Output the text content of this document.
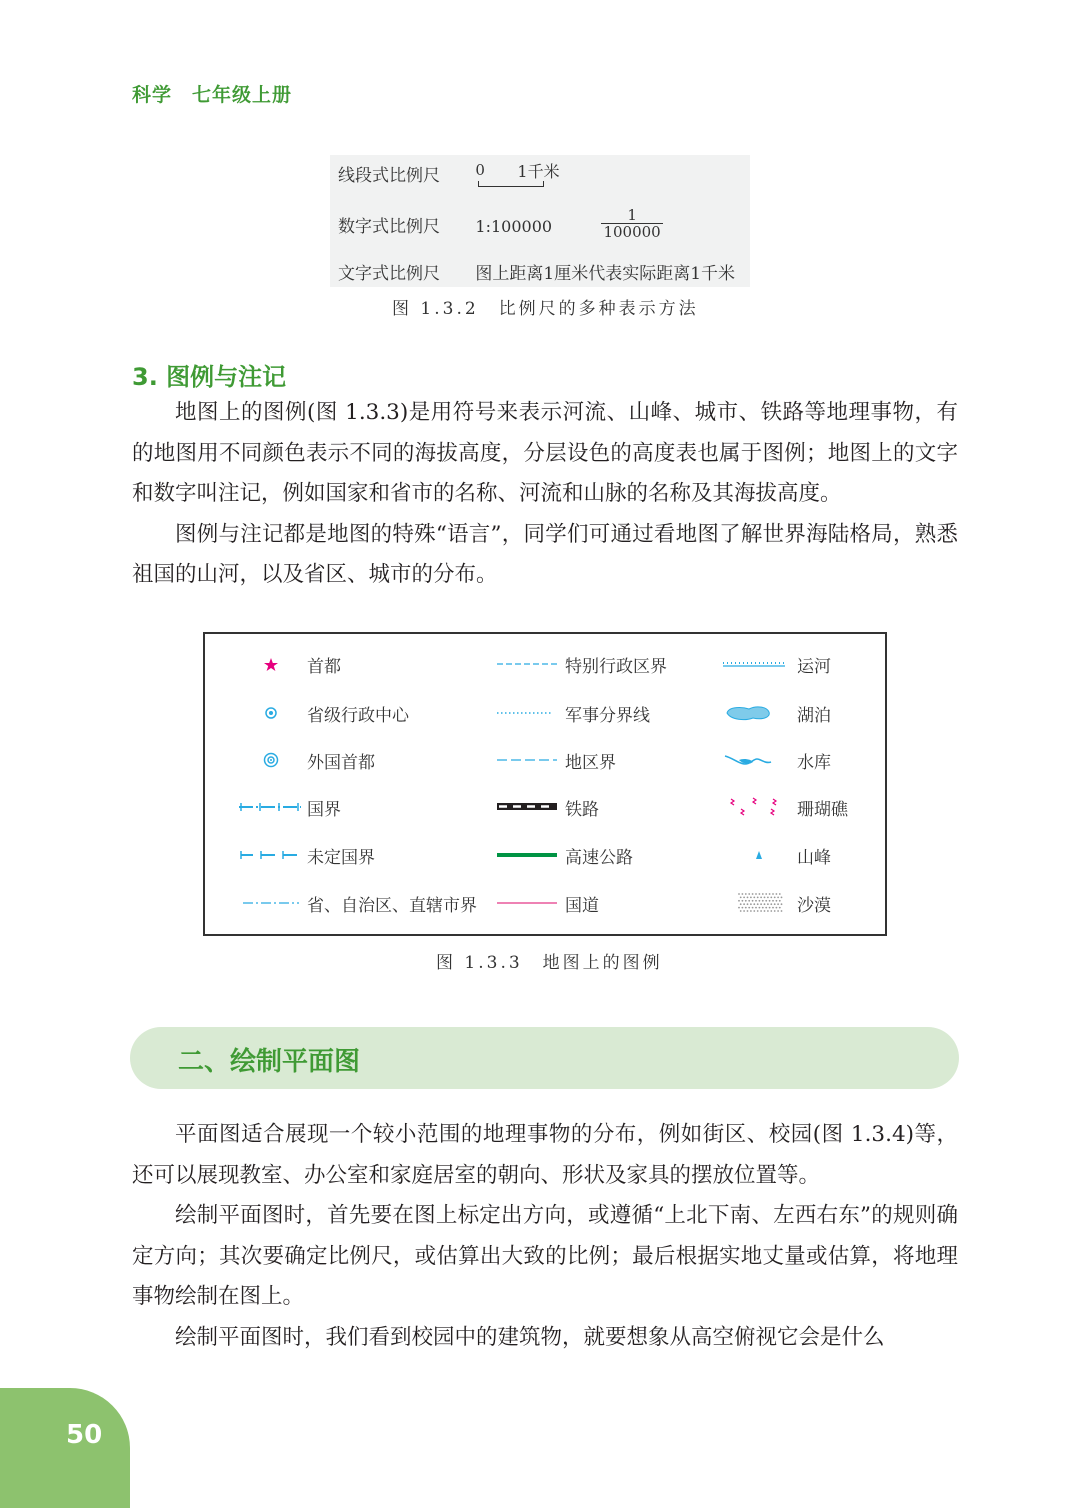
科学　七年级上册
线段式比例尺 0 1千米
数字式比例尺 1:100000	$\frac{1}{100000}$
文字式比例尺 图上距离1厘米代表实际距离1千米
图 1.3.2　比例尺的多种表示方法
3. 图例与注记

地图上的图例(图 1.3.3)是用符号来表示河流、山峰、城市、铁路等地理事物，有的地图用不同颜色表示不同的海拔高度，分层设色的高度表也属于图例；地图上的文字和数字叫注记，例如国家和省市的名称、河流和山脉的名称及其海拔高度。

图例与注记都是地图的特殊“语言”，同学们可通过看地图了解世界海陆格局，熟悉祖国的山河，以及省区、城市的分布。

首都
省级行政中心
外国首都
国界
未定国界
省、自治区、直辖市界
特别行政区界
军事分界线
地区界
铁路
高速公路
国道
运河
湖泊
水库
珊瑚礁
山峰
沙漠
图 1.3.3　地图上的图例
二、绘制平面图

平面图适合展现一个较小范围的地理事物的分布，例如街区、校园(图 1.3.4)等，还可以展现教室、办公室和家庭居室的朝向、形状及家具的摆放位置等。

绘制平面图时，首先要在图上标定出方向，或遵循“上北下南、左西右东”的规则确定方向；其次要确定比例尺，或估算出大致的比例；最后根据实地丈量或估算，将地理事物绘制在图上。

绘制平面图时，我们看到校园中的建筑物，就要想象从高空俯视它会是什么

50
